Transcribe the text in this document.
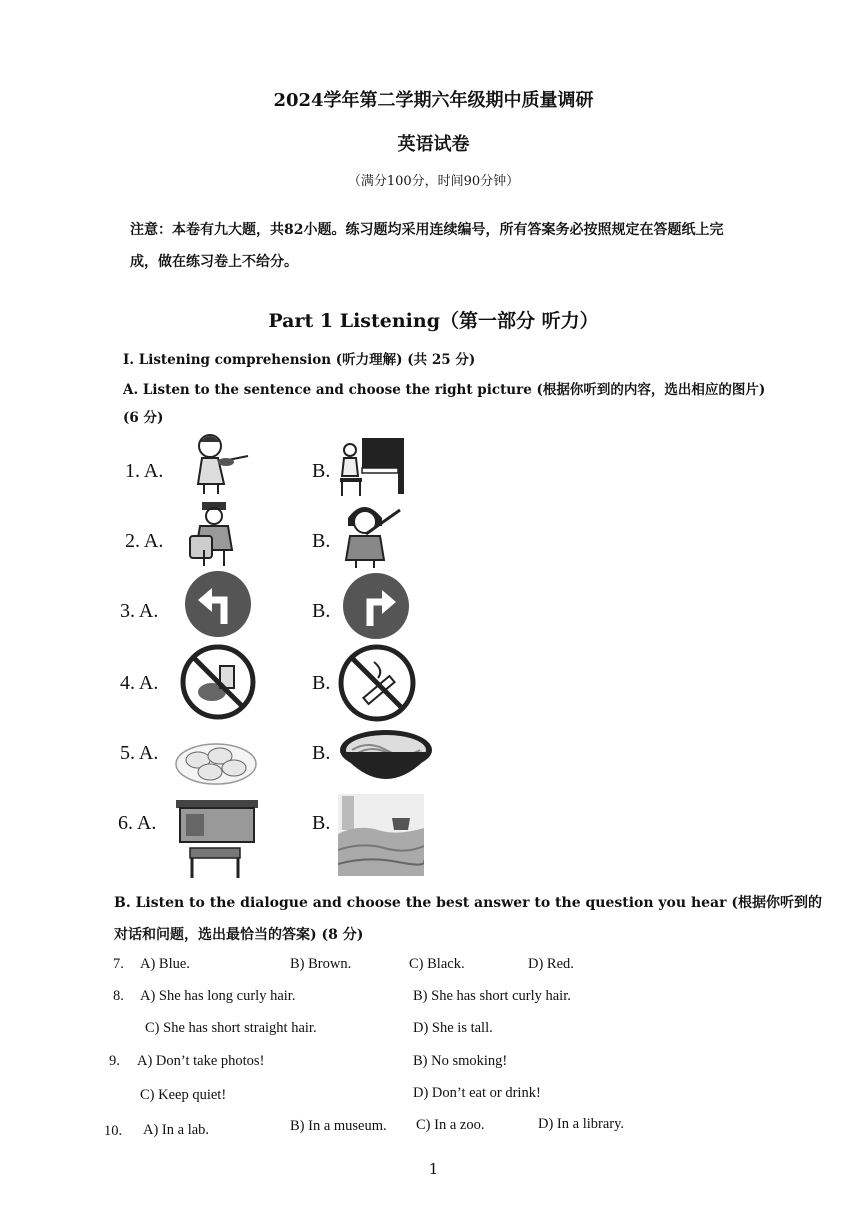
2024学年第二学期六年级期中质量调研
英语试卷
（满分100分，时间90分钟）
注意：本卷有九大题，共82小题。练习题均采用连续编号，所有答案务必按照规定在答题纸上完成，做在练习卷上不给分。
Part 1 Listening（第一部分 听力）
I. Listening comprehension (听力理解) (共 25 分)
A. Listen to the sentence and choose the right picture (根据你听到的内容，选出相应的图片)
(6 分)
1. A.	B.
2. A.	B.
3. A.	B.
4. A.	B.
5. A.	B.
6. A.	B.
B. Listen to the dialogue and choose the best answer to the question you hear (根据你听到的
对话和问题，选出最恰当的答案) (8 分)
7. A) Blue.	B) Brown.	C) Black.	D) Red.
8. A) She has long curly hair.	B) She has short curly hair.
C) She has short straight hair.	D) She is tall.
9. A) Don’t take photos!	B) No smoking!
C) Keep quiet!	D) Don’t eat or drink!
10. A) In a lab.	B) In a museum. C) In a zoo.	D) In a library.
1
